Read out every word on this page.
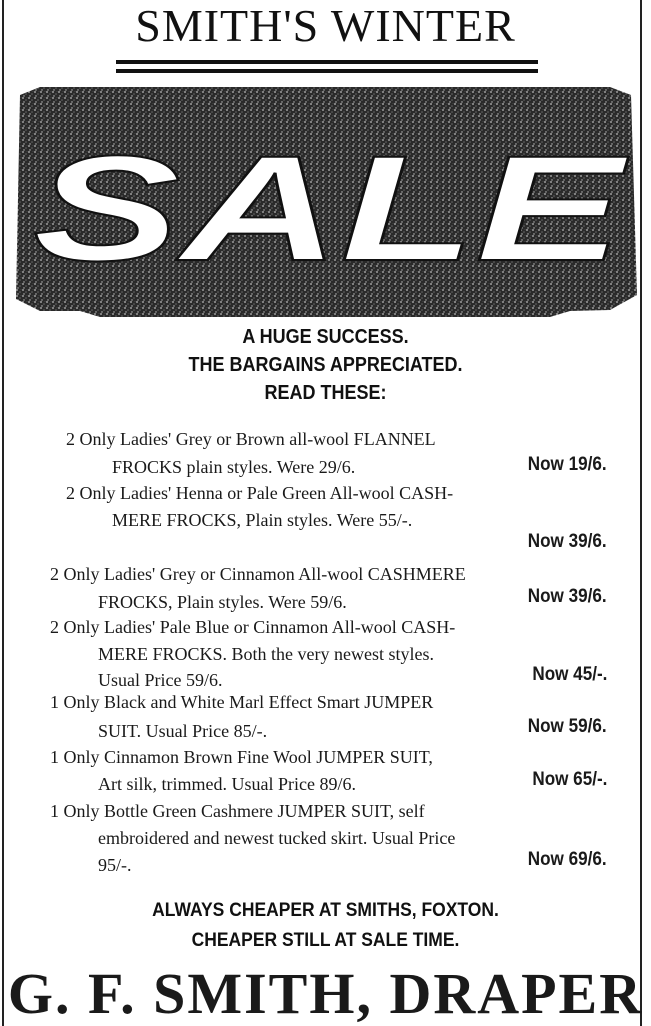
SMITH'S WINTER
SALE
A HUGE SUCCESS.
THE BARGAINS APPRECIATED.
READ THESE:
2 Only Ladies' Grey or Brown all-wool FLANNEL
FROCKS plain styles. Were 29/6.	Now 19/6.
2 Only Ladies' Henna or Pale Green All-wool CASH-
MERE FROCKS, Plain styles. Were 55/-.
Now 39/6.
2 Only Ladies' Grey or Cinnamon All-wool CASHMERE
FROCKS, Plain styles. Were 59/6.	Now 39/6.
2 Only Ladies' Pale Blue or Cinnamon All-wool CASH-
MERE FROCKS. Both the very newest styles.
Usual Price 59/6.	Now 45/-.
1 Only Black and White Marl Effect Smart JUMPER
SUIT. Usual Price 85/-.	Now 59/6.
1 Only Cinnamon Brown Fine Wool JUMPER SUIT,
Art silk, trimmed. Usual Price 89/6.	Now 65/-.
1 Only Bottle Green Cashmere JUMPER SUIT, self
embroidered and newest tucked skirt. Usual Price
95/-.	Now 69/6.
ALWAYS CHEAPER AT SMITHS, FOXTON.
CHEAPER STILL AT SALE TIME.
G. F. SMITH, DRAPER
